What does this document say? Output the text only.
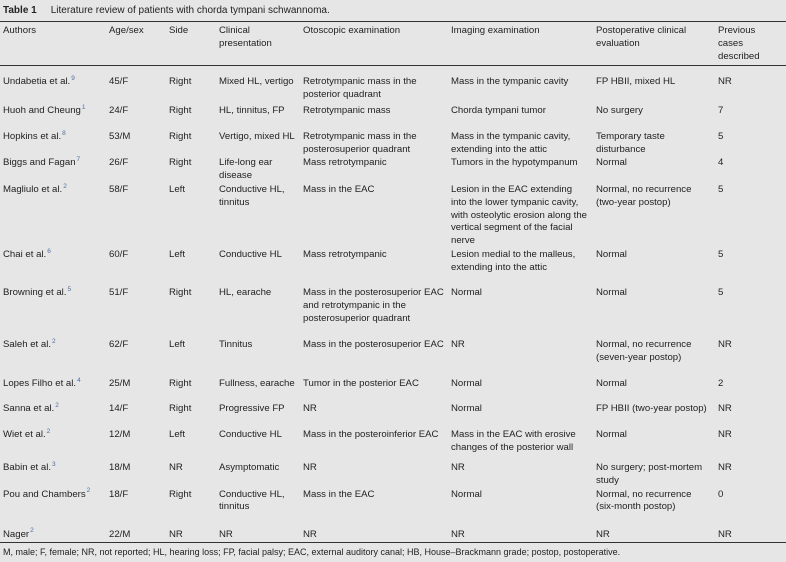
Table 1 Literature review of patients with chorda tympani schwannoma.
Authors	Age/sex	Side	Clinical presentation	Otoscopic examination	Imaging examination	Postoperative clinical evaluation	Previous cases described
Undabetia et al.$^9$	45/F	Right	Mixed HL, vertigo	Retrotympanic mass in the posterior quadrant	Mass in the tympanic cavity	FP HBII, mixed HL	NR
Huoh and Cheung$^1$	24/F	Right	HL, tinnitus, FP	Retrotympanic mass	Chorda tympani tumor	No surgery	7
Hopkins et al.$^8$	53/M	Right	Vertigo, mixed HL	Retrotympanic mass in the posterosuperior quadrant	Mass in the tympanic cavity, extending into the attic	Temporary taste disturbance	5
Biggs and Fagan$^7$	26/F	Right	Life-long ear disease	Mass retrotympanic	Tumors in the hypotympanum	Normal	4
Magliulo et al.$^2$	58/F	Left	Conductive HL, tinnitus	Mass in the EAC	Lesion in the EAC extending into the lower tympanic cavity, with osteolytic erosion along the vertical segment of the facial nerve	Normal, no recurrence (two-year postop)	5
Chai et al.$^6$	60/F	Left	Conductive HL	Mass retrotympanic	Lesion medial to the malleus, extending into the attic	Normal	5
Browning et al.$^5$	51/F	Right	HL, earache	Mass in the posterosuperior EAC and retrotympanic in the posterosuperior quadrant	Normal	Normal	5
Saleh et al.$^2$	62/F	Left	Tinnitus	Mass in the posterosuperior EAC	NR	Normal, no recurrence (seven-year postop)	NR
Lopes Filho et al.$^4$	25/M	Right	Fullness, earache	Tumor in the posterior EAC	Normal	Normal	2
Sanna et al.$^2$	14/F	Right	Progressive FP	NR	Normal	FP HBII (two-year postop)	NR
Wiet et al.$^2$	12/M	Left	Conductive HL	Mass in the posteroinferior EAC	Mass in the EAC with erosive changes of the posterior wall	Normal	NR
Babin et al.$^3$	18/M	NR	Asymptomatic	NR	NR	No surgery; post-mortem study	NR
Pou and Chambers$^2$	18/F	Right	Conductive HL, tinnitus	Mass in the EAC	Normal	Normal, no recurrence (six-month postop)	0
Nager$^2$	22/M	NR	NR	NR	NR	NR	NR
M, male; F, female; NR, not reported; HL, hearing loss; FP, facial palsy; EAC, external auditory canal; HB, House–Brackmann grade; postop, postoperative.
